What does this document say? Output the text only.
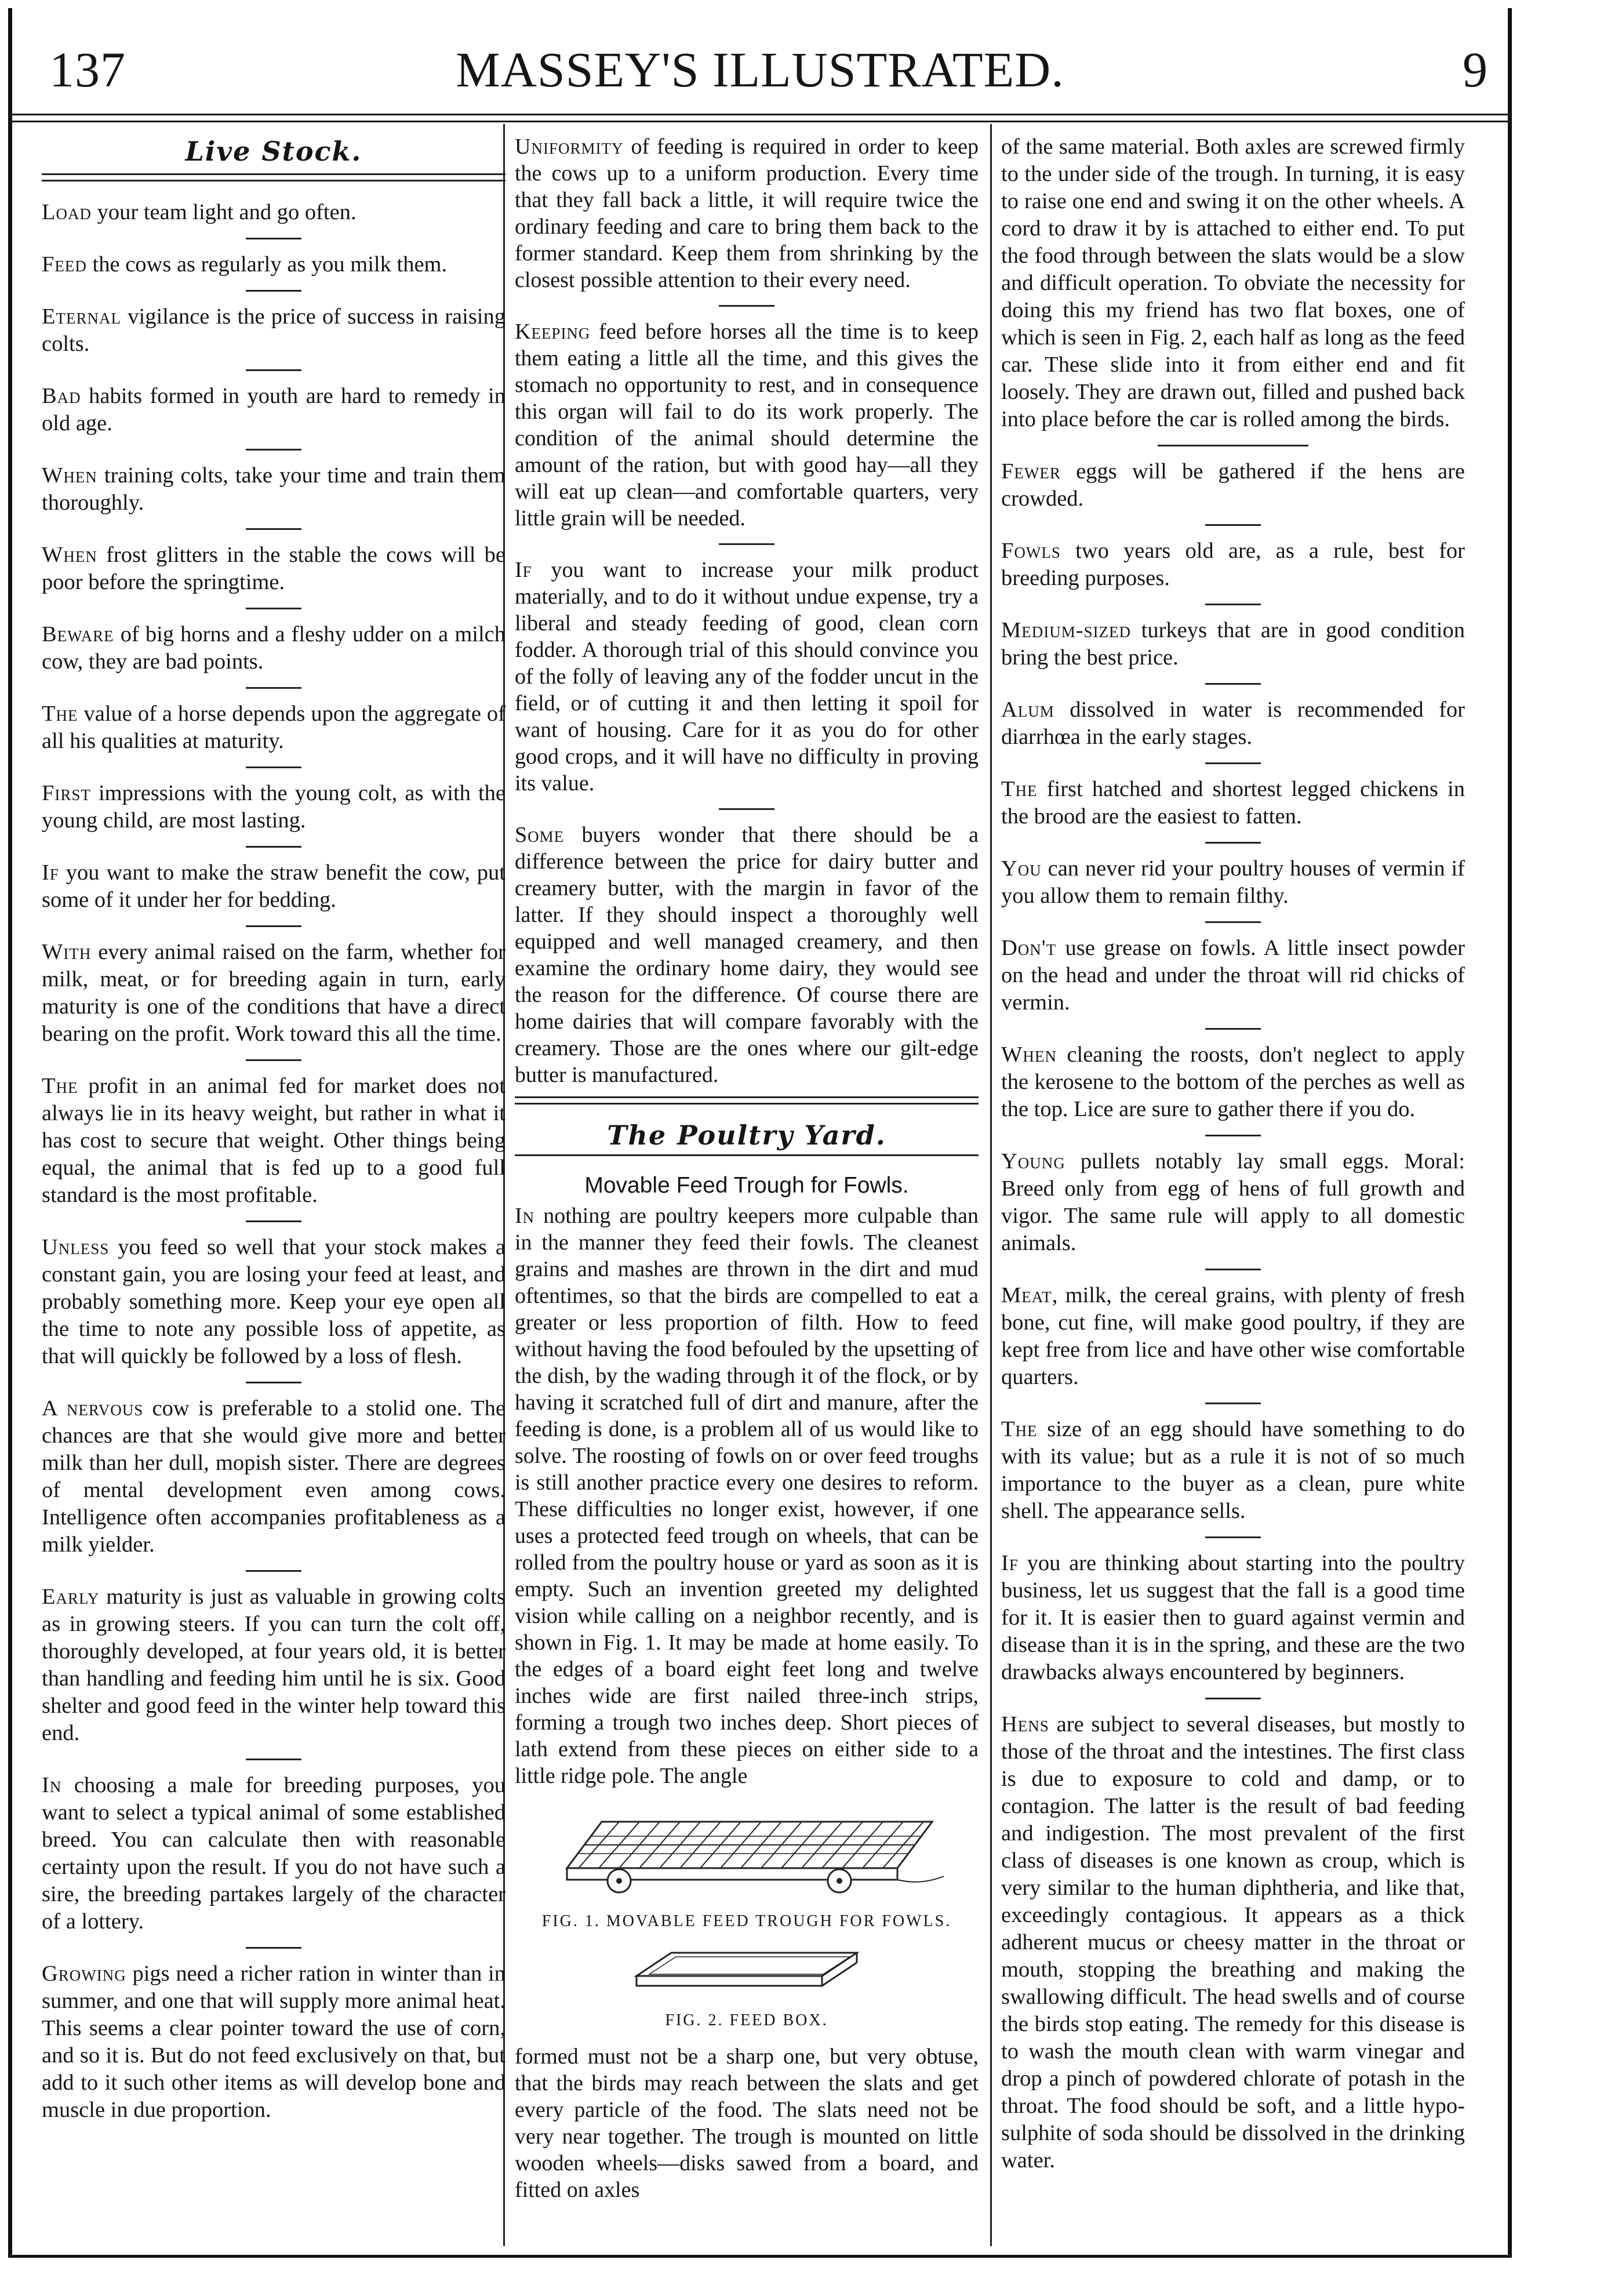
137	MASSEY'S ILLUSTRATED.	9
Live Stock.

Load your team light and go often.

Feed the cows as regularly as you milk them.

Eternal vigilance is the price of success in raising colts.

Bad habits formed in youth are hard to remedy in old age.

When training colts, take your time and train them thoroughly.

When frost glitters in the stable the cows will be poor before the springtime.

Beware of big horns and a fleshy udder on a milch cow, they are bad points.

The value of a horse depends upon the aggregate of all his qualities at maturity.

First impressions with the young colt, as with the young child, are most lasting.

If you want to make the straw benefit the cow, put some of it under her for bedding.

With every animal raised on the farm, whether for milk, meat, or for breeding again in turn, early maturity is one of the conditions that have a direct bearing on the profit. Work toward this all the time.

The profit in an animal fed for market does not always lie in its heavy weight, but rather in what it has cost to secure that weight. Other things being equal, the animal that is fed up to a good full standard is the most profitable.

Unless you feed so well that your stock makes a constant gain, you are losing your feed at least, and probably something more. Keep your eye open all the time to note any possible loss of appetite, as that will quickly be followed by a loss of flesh.

A nervous cow is preferable to a stolid one. The chances are that she would give more and better milk than her dull, mopish sister. There are degrees of mental development even among cows. Intelligence often accompanies profitableness as a milk yielder.

Early maturity is just as valuable in growing colts as in growing steers. If you can turn the colt off, thoroughly developed, at four years old, it is better than handling and feeding him until he is six. Good shelter and good feed in the winter help toward this end.

In choosing a male for breeding purposes, you want to select a typical animal of some established breed. You can calculate then with reasonable certainty upon the result. If you do not have such a sire, the breeding partakes largely of the character of a lottery.

Growing pigs need a richer ration in winter than in summer, and one that will supply more animal heat. This seems a clear pointer toward the use of corn, and so it is. But do not feed exclusively on that, but add to it such other items as will develop bone and muscle in due proportion.

Uniformity of feeding is required in order to keep the cows up to a uniform production. Every time that they fall back a little, it will require twice the ordinary feeding and care to bring them back to the former standard. Keep them from shrinking by the closest possible attention to their every need.

Keeping feed before horses all the time is to keep them eating a little all the time, and this gives the stomach no opportunity to rest, and in consequence this organ will fail to do its work properly. The condition of the animal should determine the amount of the ration, but with good hay—all they will eat up clean—and comfortable quarters, very little grain will be needed.

If you want to increase your milk product materially, and to do it without undue expense, try a liberal and steady feeding of good, clean corn fodder. A thorough trial of this should convince you of the folly of leaving any of the fodder uncut in the field, or of cutting it and then letting it spoil for want of housing. Care for it as you do for other good crops, and it will have no difficulty in proving its value.

Some buyers wonder that there should be a difference between the price for dairy butter and creamery butter, with the margin in favor of the latter. If they should inspect a thoroughly well equipped and well managed creamery, and then examine the ordinary home dairy, they would see the reason for the difference. Of course there are home dairies that will compare favorably with the creamery. Those are the ones where our gilt-edge butter is manufactured.

The Poultry Yard.
Movable Feed Trough for Fowls.

In nothing are poultry keepers more culpable than in the manner they feed their fowls. The cleanest grains and mashes are thrown in the dirt and mud oftentimes, so that the birds are compelled to eat a greater or less proportion of filth. How to feed without having the food befouled by the upsetting of the dish, by the wading through it of the flock, or by having it scratched full of dirt and manure, after the feeding is done, is a problem all of us would like to solve. The roosting of fowls on or over feed troughs is still another practice every one desires to reform. These difficulties no longer exist, however, if one uses a protected feed trough on wheels, that can be rolled from the poultry house or yard as soon as it is empty. Such an invention greeted my delighted vision while calling on a neighbor recently, and is shown in Fig. 1. It may be made at home easily. To the edges of a board eight feet long and twelve inches wide are first nailed three-inch strips, forming a trough two inches deep. Short pieces of lath extend from these pieces on either side to a little ridge pole. The angle

FIG. 1. MOVABLE FEED TROUGH FOR FOWLS.
FIG. 2. FEED BOX.

formed must not be a sharp one, but very obtuse, that the birds may reach between the slats and get every particle of the food. The slats need not be very near together. The trough is mounted on little wooden wheels—disks sawed from a board, and fitted on axles

of the same material. Both axles are screwed firmly to the under side of the trough. In turning, it is easy to raise one end and swing it on the other wheels. A cord to draw it by is attached to either end. To put the food through between the slats would be a slow and difficult operation. To obviate the necessity for doing this my friend has two flat boxes, one of which is seen in Fig. 2, each half as long as the feed car. These slide into it from either end and fit loosely. They are drawn out, filled and pushed back into place before the car is rolled among the birds.

Fewer eggs will be gathered if the hens are crowded.

Fowls two years old are, as a rule, best for breeding purposes.

Medium-sized turkeys that are in good condition bring the best price.

Alum dissolved in water is recommended for diarrhœa in the early stages.

The first hatched and shortest legged chickens in the brood are the easiest to fatten.

You can never rid your poultry houses of vermin if you allow them to remain filthy.

Don't use grease on fowls. A little insect powder on the head and under the throat will rid chicks of vermin.

When cleaning the roosts, don't neglect to apply the kerosene to the bottom of the perches as well as the top. Lice are sure to gather there if you do.

Young pullets notably lay small eggs. Moral: Breed only from egg of hens of full growth and vigor. The same rule will apply to all domestic animals.

Meat, milk, the cereal grains, with plenty of fresh bone, cut fine, will make good poultry, if they are kept free from lice and have other wise comfortable quarters.

The size of an egg should have something to do with its value; but as a rule it is not of so much importance to the buyer as a clean, pure white shell. The appearance sells.

If you are thinking about starting into the poultry business, let us suggest that the fall is a good time for it. It is easier then to guard against vermin and disease than it is in the spring, and these are the two drawbacks always encountered by beginners.

Hens are subject to several diseases, but mostly to those of the throat and the intestines. The first class is due to exposure to cold and damp, or to contagion. The latter is the result of bad feeding and indigestion. The most prevalent of the first class of diseases is one known as croup, which is very similar to the human diphtheria, and like that, exceedingly contagious. It appears as a thick adherent mucus or cheesy matter in the throat or mouth, stopping the breathing and making the swallowing difficult. The head swells and of course the birds stop eating. The remedy for this disease is to wash the mouth clean with warm vinegar and drop a pinch of powdered chlorate of potash in the throat. The food should be soft, and a little hypo-sulphite of soda should be dissolved in the drinking water.
